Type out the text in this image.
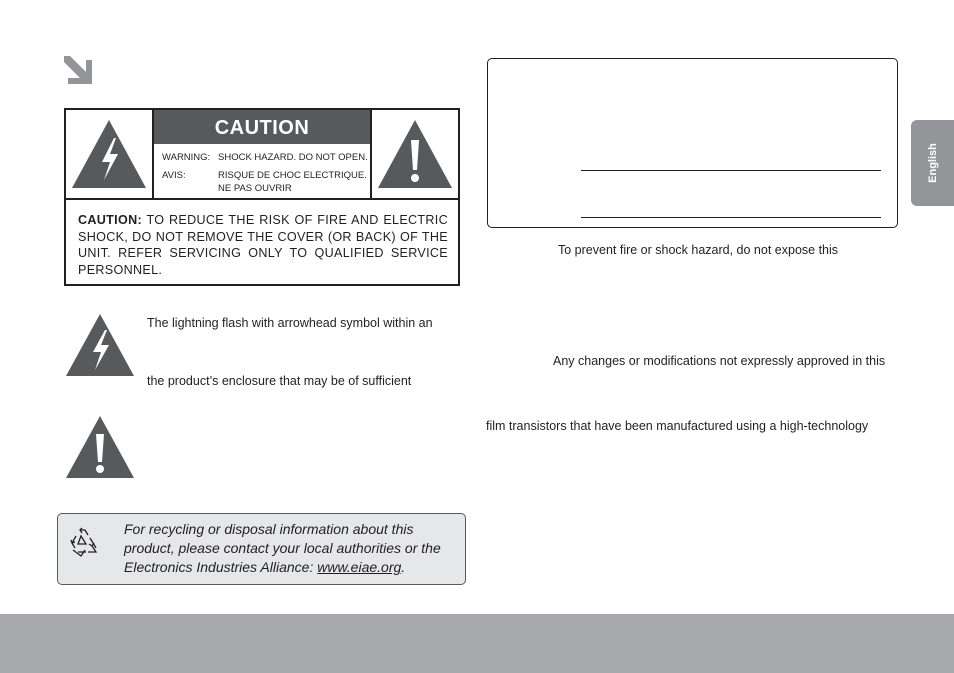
CAUTION
WARNING: SHOCK HAZARD. DO NOT OPEN.
AVIS:	RISQUE DE CHOC ELECTRIQUE.
NE PAS OUVRIR
CAUTION: TO REDUCE THE RISK OF FIRE AND ELECTRIC SHOCK, DO NOT REMOVE THE COVER (OR BACK) OF THE UNIT. REFER SERVICING ONLY TO QUALIFIED SERVICE PERSONNEL.
The lightning flash with arrowhead symbol within an
the product’s enclosure that may be of sufficient
For recycling or disposal information about this
product, please contact your local authorities or the
Electronics Industries Alliance: www.eiae.org.
To prevent fire or shock hazard, do not expose this
Any changes or modifications not expressly approved in this
film transistors that have been manufactured using a high-technology
English
